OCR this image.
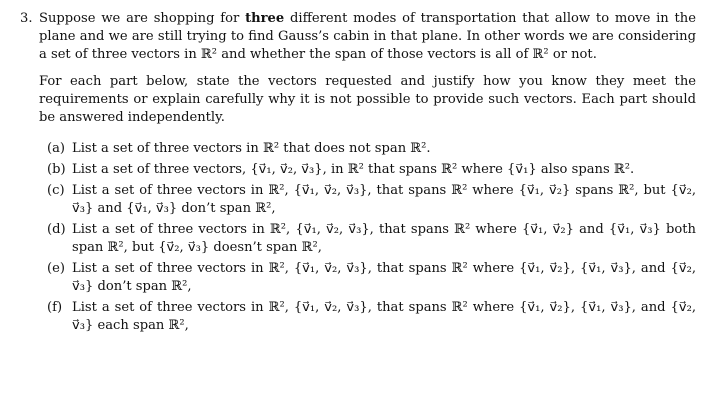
3. Suppose we are shopping for three different modes of transportation that allow to move in the plane and we are still trying to find Gauss’s cabin in that plane. In other words we are considering a set of three vectors in ℝ² and whether the span of those vectors is all of ℝ² or not.
For each part below, state the vectors requested and justify how you know they meet the requirements or explain carefully why it is not possible to provide such vectors. Each part should be answered independently.
(a) List a set of three vectors in ℝ² that does not span ℝ².
(b) List a set of three vectors, {v⃗₁, v⃗₂, v⃗₃}, in ℝ² that spans ℝ² where {v⃗₁} also spans ℝ².
(c) List a set of three vectors in ℝ², {v⃗₁, v⃗₂, v⃗₃}, that spans ℝ² where {v⃗₁, v⃗₂} spans ℝ², but {v⃗₂, v⃗₃} and {v⃗₁, v⃗₃} don’t span ℝ²,
(d) List a set of three vectors in ℝ², {v⃗₁, v⃗₂, v⃗₃}, that spans ℝ² where {v⃗₁, v⃗₂} and {v⃗₁, v⃗₃} both span ℝ², but {v⃗₂, v⃗₃} doesn’t span ℝ²,
(e) List a set of three vectors in ℝ², {v⃗₁, v⃗₂, v⃗₃}, that spans ℝ² where {v⃗₁, v⃗₂}, {v⃗₁, v⃗₃}, and {v⃗₂, v⃗₃} don’t span ℝ²,
(f) List a set of three vectors in ℝ², {v⃗₁, v⃗₂, v⃗₃}, that spans ℝ² where {v⃗₁, v⃗₂}, {v⃗₁, v⃗₃}, and {v⃗₂, v⃗₃} each span ℝ²,
